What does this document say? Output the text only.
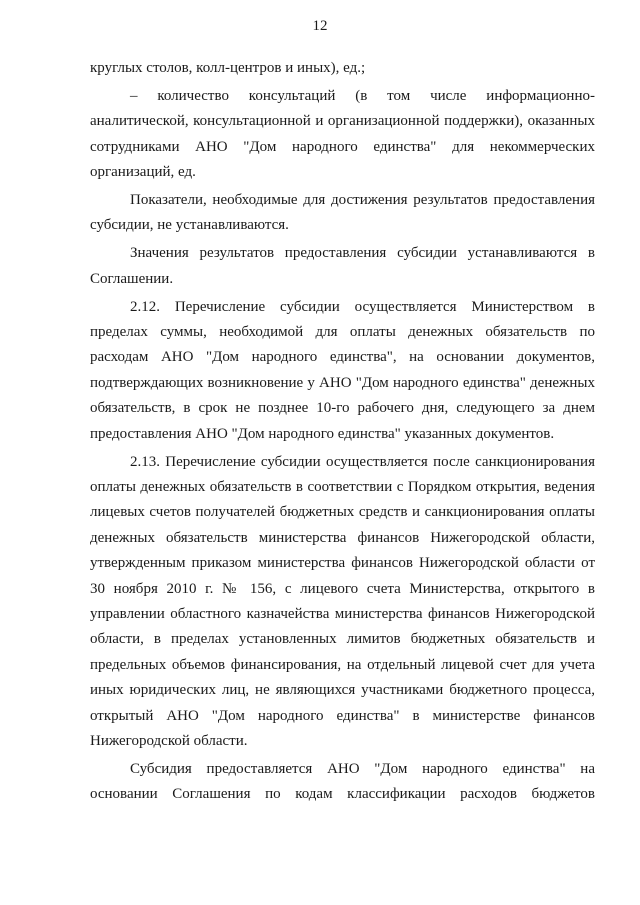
12

круглых столов, колл-центров и иных), ед.;

– количество консультаций (в том числе информационно-аналитической, консультационной и организационной поддержки), оказанных сотрудниками АНО "Дом народного единства" для некоммерческих организаций, ед.

Показатели, необходимые для достижения результатов предоставления субсидии, не устанавливаются.

Значения результатов предоставления субсидии устанавливаются в Соглашении.

2.12. Перечисление субсидии осуществляется Министерством в пределах суммы, необходимой для оплаты денежных обязательств по расходам АНО "Дом народного единства", на основании документов, подтверждающих возникновение у АНО "Дом народного единства" денежных обязательств, в срок не позднее 10-го рабочего дня, следующего за днем предоставления АНО "Дом народного единства" указанных документов.

2.13. Перечисление субсидии осуществляется после санкционирования оплаты денежных обязательств в соответствии с Порядком открытия, ведения лицевых счетов получателей бюджетных средств и санкционирования оплаты денежных обязательств министерства финансов Нижегородской области, утвержденным приказом министерства финансов Нижегородской области от 30 ноября 2010 г. № 156, с лицевого счета Министерства, открытого в управлении областного казначейства министерства финансов Нижегородской области, в пределах установленных лимитов бюджетных обязательств и предельных объемов финансирования, на отдельный лицевой счет для учета иных юридических лиц, не являющихся участниками бюджетного процесса, открытый АНО "Дом народного единства" в министерстве финансов Нижегородской области.

Субсидия предоставляется АНО "Дом народного единства" на основании Соглашения по кодам классификации расходов бюджетов
